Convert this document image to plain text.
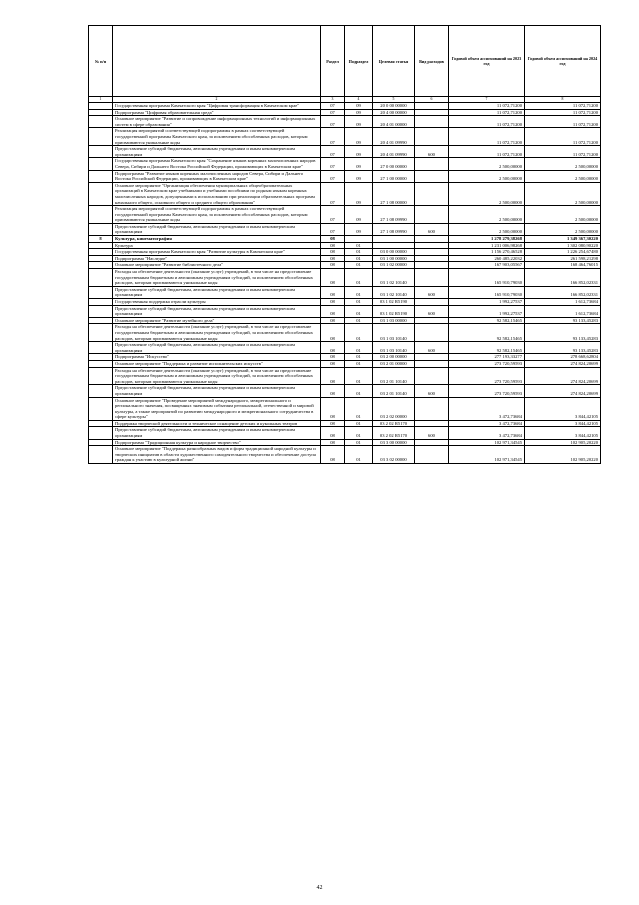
№ п/п		Раздел	Подраздел	Целевая статья	Вид расходов	Годовой объем ассигнований на 2023 год	Годовой объем ассигнований на 2024 год
1	2	3	4	5	6	7	8
	Государственная программа Камчатского края "Цифровая трансформация в Камчатском крае"	07	09	20 0 00 00000		11 072,71200	11 072,71200
	Подпрограмма "Цифровая образовательная среда"	07	09	20 4 00 00000		11 072,71200	11 072,71200
	Основное мероприятие "Развитие и сопровождение информационных технологий и информационных систем в сфере образования"	07	09	20 4 01 00000		11 072,71200	11 072,71200
	Реализация мероприятий соответствующей подпрограммы в рамках соответствующей государственной программы Камчатского края, за исключением обособленных расходов, которым присваиваются уникальные коды	07	09	20 4 01 09990		11 072,71200	11 072,71200
	Предоставление субсидий бюджетным, автономным учреждениям и иным некоммерческим организациям	07	09	20 4 01 09990	600	11 072,71200	11 072,71200
	Государственная программа Камчатского края "Сохранение языков коренных малочисленных народов Севера, Сибири и Дальнего Востока Российской Федерации, проживающих в Камчатском крае"	07	09	27 0 00 00000		2 500,00000	2 500,00000
	Подпрограмма "Развитие языков коренных малочисленных народов Севера, Сибири и Дальнего Востока Российской Федерации, проживающих в Камчатском крае"	07	09	27 1 00 00000		2 500,00000	2 500,00000
	Основное мероприятие "Организация обеспечения муниципальных общеобразовательных организаций в Камчатском крае учебниками и учебными пособиями по родным языкам коренных малочисленных народов, допущенными к использованию при реализации образовательных программ начального общего, основного общего и среднего общего образования"	07	09	27 1 08 00000		2 500,00000	2 500,00000
	Реализация мероприятий соответствующей подпрограммы в рамках соответствующей государственной программы Камчатского края, за исключением обособленных расходов, которым присваиваются уникальные коды	07	09	27 1 08 09990		2 500,00000	2 500,00000
	Предоставление субсидий бюджетным, автономным учреждениям и иным некоммерческим организациям	07	09	27 1 08 09990	600	2 500,00000	2 500,00000
8	Культура, кинематография	08				1 278 279,38268	1 349 367,30220
	Культура	08	01			1 231 006,98268	1 302 080,90220
	Государственная программа Камчатского края "Развитие культуры в Камчатском крае"	08	01	03 0 00 00000		1 156 270,46528	1 226 254,67480
	Подпрограмма "Наследие"	08	01	03 1 00 00000		260 485,22032	261 598,21298
	Основное мероприятие "Развитие библиотечного дела"	08	01	03 1 02 00000		167 903,05567	168 464,76015
	Расходы на обеспечение деятельности (оказание услуг) учреждений, в том числе на предоставление государственным бюджетным и автономным учреждениям субсидий, за исключением обособленных расходов, которым присваиваются уникальные коды	08	01	03 1 02 10140		165 910,79030	166 852,02331
	Предоставление субсидий бюджетным, автономным учреждениям и иным некоммерческим организациям	08	01	03 1 02 10140	600	165 910,79030	166 852,02331
	Государственная поддержка отрасли культуры	08	01	03 1 02 R5190		1 992,27537	1 612,73684
	Предоставление субсидий бюджетным, автономным учреждениям и иным некоммерческим организациям	08	01	03 1 02 R5190	600	1 992,27537	1 612,73684
	Основное мероприятие "Развитие музейного дела"	08	01	03 1 03 00000		92 582,15465	93 133,45283
	Расходы на обеспечение деятельности (оказание услуг) учреждений, в том числе на предоставление государственным бюджетным и автономным учреждениям субсидий, за исключением обособленных расходов, которым присваиваются уникальные коды	08	01	03 1 03 10140		92 582,15465	93 133,45283
	Предоставление субсидий бюджетным, автономным учреждениям и иным некоммерческим организациям	08	01	03 1 03 10140	600	92 582,15465	93 133,45283
	Подпрограмма "Искусство"	08	01	03 2 00 00000		277 193,33277	278 668,62804
	Основное мероприятие "Поддержка и развитие исполнительских искусств"	08	01	03 2 01 00000		273 720,59593	274 824,20699
	Расходы на обеспечение деятельности (оказание услуг) учреждений, в том числе на предоставление государственным бюджетным и автономным учреждениям субсидий, за исключением обособленных расходов, которым присваиваются уникальные коды	08	01	03 2 01 10140		273 720,59593	274 824,20699
	Предоставление субсидий бюджетным, автономным учреждениям и иным некоммерческим организациям	08	01	03 2 01 10140	600	273 720,59593	274 824,20699
	Основное мероприятие "Проведение мероприятий международного, межрегионального и регионального значения, посвященных значимым событиям региональной, отечественной и мировой культуры, а также мероприятий по развитию международного и межрегионального сотрудничества в сфере культуры"	08	01	03 2 02 00000		3 472,73684	3 844,42105
	Поддержка творческой деятельности и техническое оснащение детских и кукольных театров	08	01	03 2 02 R5170		3 472,73684	3 844,42105
	Предоставление субсидий бюджетным, автономным учреждениям и иным некоммерческим организациям	08	01	03 2 02 R5170	600	3 472,73684	3 844,42105
	Подпрограмма "Традиционная культура и народное творчество"	08	01	03 3 00 00000		102 971,34545	102 905,20220
	Основное мероприятие "Поддержка разнообразных видов и форм традиционной народной культуры и творческих инициатив в области художественного самодеятельного творчества и обеспечение доступа граждан к участию в культурной жизни"	08	01	03 3 02 00000		102 971,34545	102 905,20220
42
